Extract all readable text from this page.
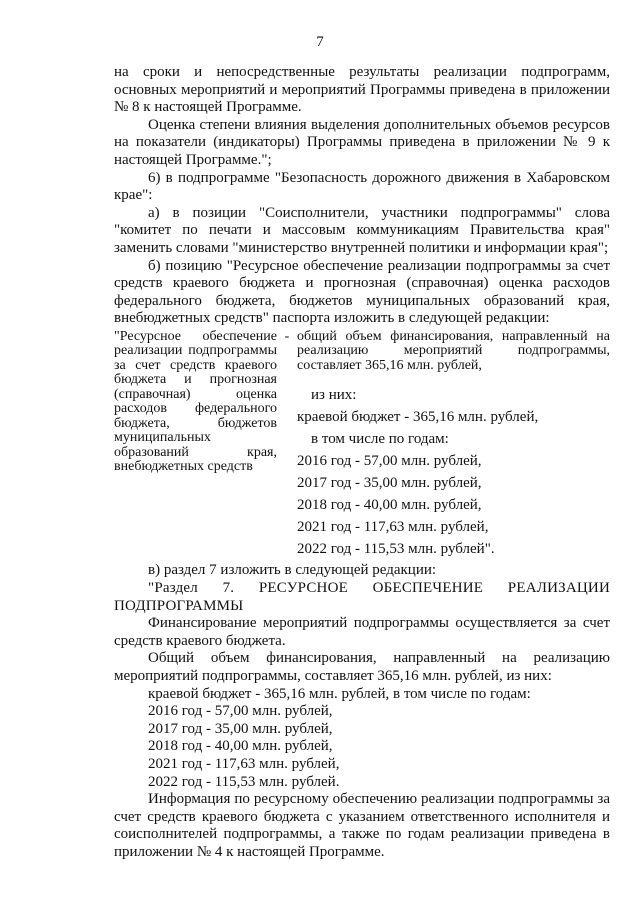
7

на сроки и непосредственные результаты реализации подпрограмм, основных мероприятий и мероприятий Программы приведена в приложении № 8 к настоящей Программе.

Оценка степени влияния выделения дополнительных объемов ресурсов на показатели (индикаторы) Программы приведена в приложении № 9 к настоящей Программе.";

6) в подпрограмме "Безопасность дорожного движения в Хабаровском крае":

а) в позиции "Соисполнители, участники подпрограммы" слова "комитет по печати и массовым коммуникациям Правительства края" заменить словами "министерство внутренней политики и информации края";

б) позицию "Ресурсное обеспечение реализации подпрограммы за счет средств краевого бюджета и прогнозная (справочная) оценка расходов федерального бюджета, бюджетов муниципальных образований края, внебюджетных средств" паспорта изложить в следующей редакции:

"Ресурсное обеспечение реализации подпрограммы за счет средств краевого бюджета и прогнозная (справочная) оценка расходов федерального бюджета, бюджетов муниципальных образований края, внебюджетных средств
- общий объем финансирования, направленный на реализацию мероприятий подпрограммы, составляет 365,16 млн. рублей,
из них:
краевой бюджет - 365,16 млн. рублей,
в том числе по годам:
2016 год - 57,00 млн. рублей,
2017 год - 35,00 млн. рублей,
2018 год - 40,00 млн. рублей,
2021 год - 117,63 млн. рублей,
2022 год - 115,53 млн. рублей".

в) раздел 7 изложить в следующей редакции:

"Раздел 7. РЕСУРСНОЕ ОБЕСПЕЧЕНИЕ РЕАЛИЗАЦИИ ПОДПРОГРАММЫ

Финансирование мероприятий подпрограммы осуществляется за счет средств краевого бюджета.

Общий объем финансирования, направленный на реализацию мероприятий подпрограммы, составляет 365,16 млн. рублей, из них:

краевой бюджет - 365,16 млн. рублей, в том числе по годам:

2016 год - 57,00 млн. рублей,

2017 год - 35,00 млн. рублей,

2018 год - 40,00 млн. рублей,

2021 год - 117,63 млн. рублей,

2022 год - 115,53 млн. рублей.

Информация по ресурсному обеспечению реализации подпрограммы за счет средств краевого бюджета с указанием ответственного исполнителя и соисполнителей подпрограммы, а также по годам реализации приведена в приложении № 4 к настоящей Программе.
